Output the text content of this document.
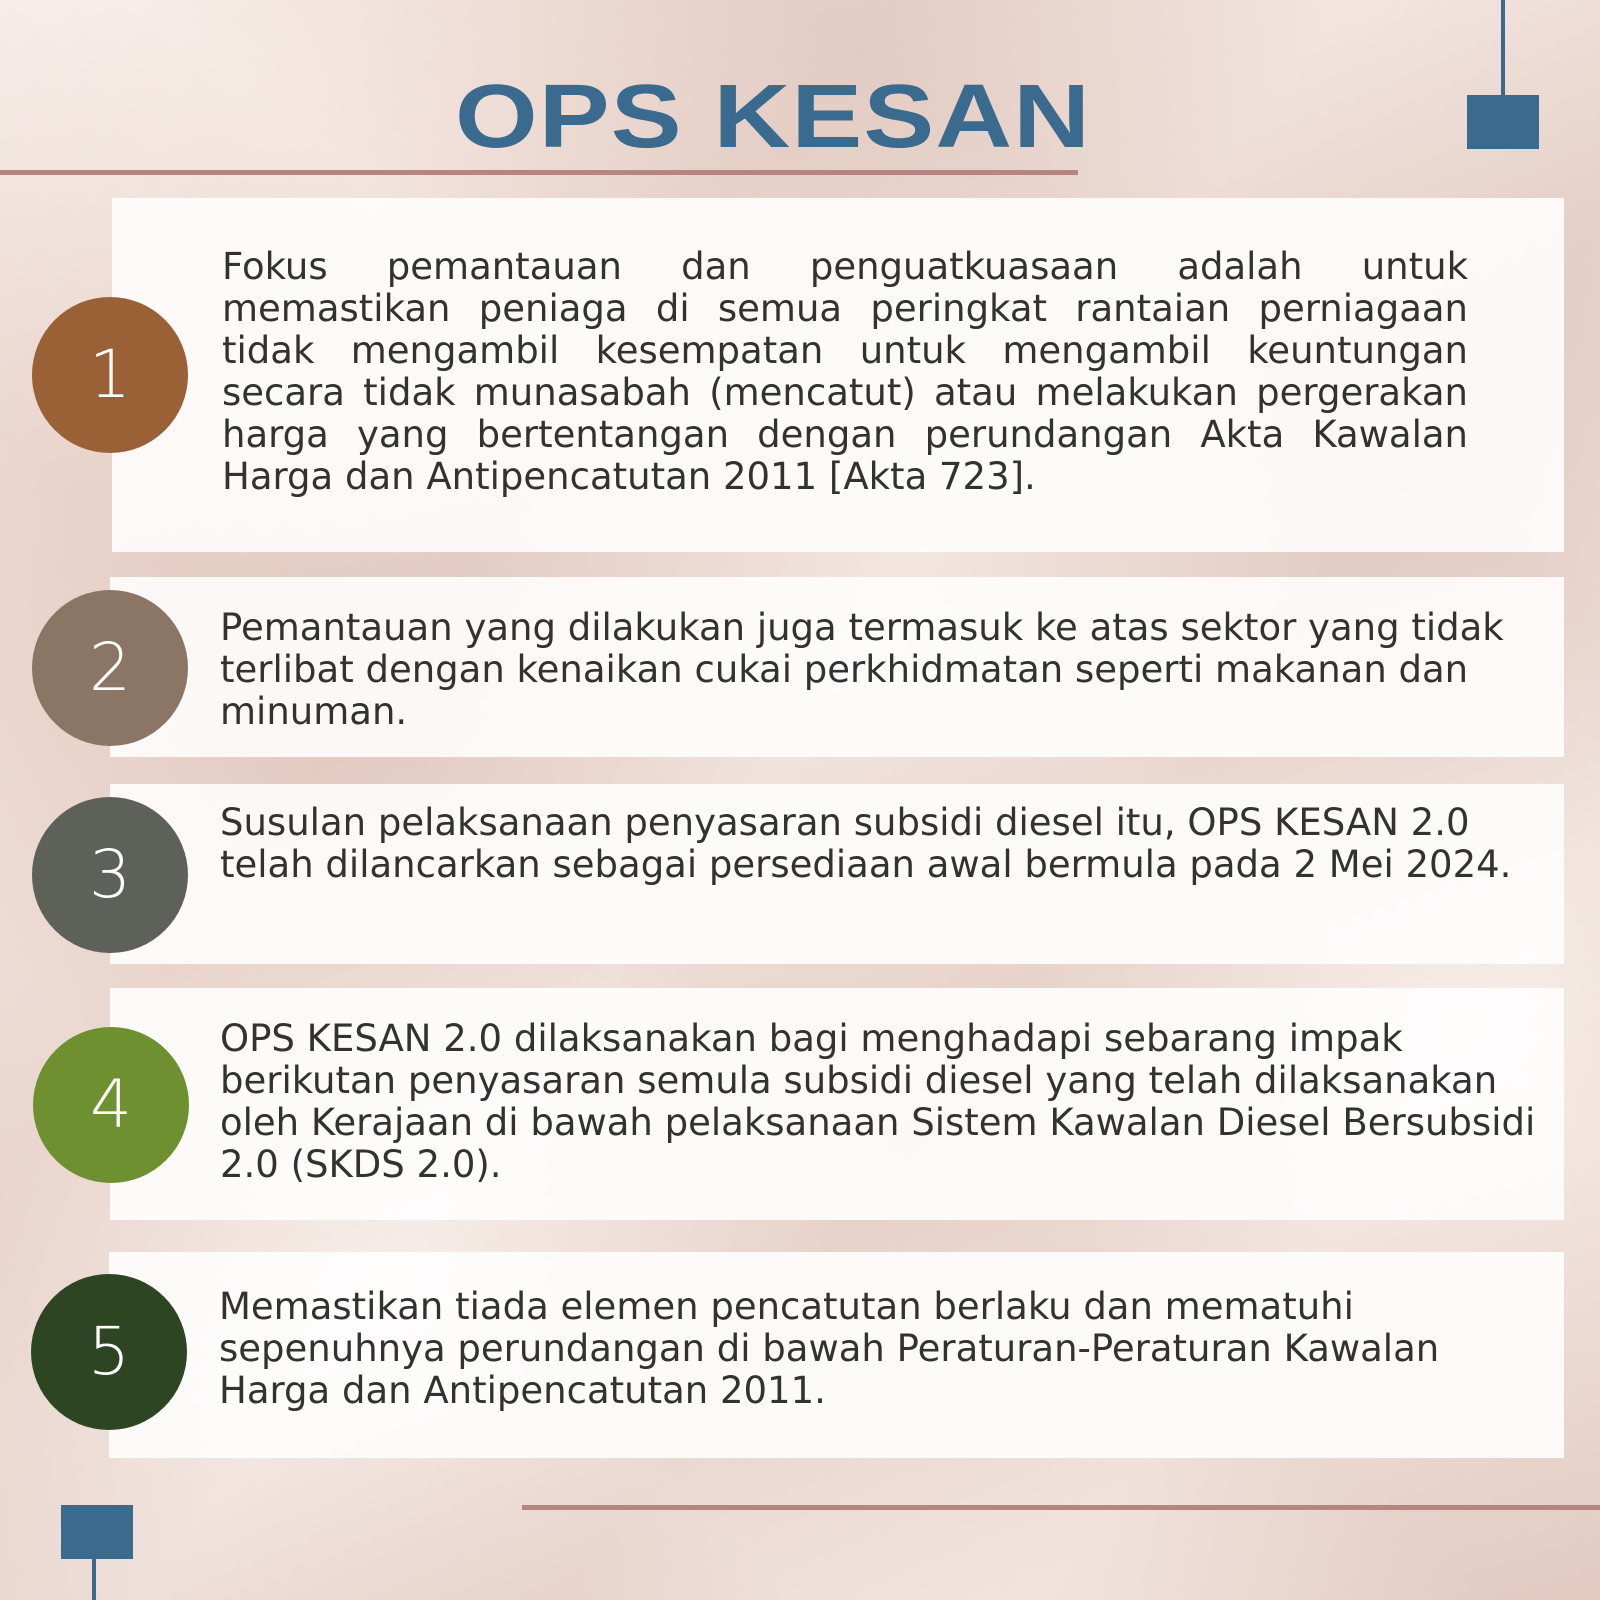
OPS KESAN

Fokus pemantauan dan penguatkuasaan adalah untuk memastikan peniaga di semua peringkat rantaian perniagaan tidak mengambil kesempatan untuk mengambil keuntungan secara tidak munasabah (mencatut) atau melakukan pergerakan harga yang bertentangan dengan perundangan Akta Kawalan Harga dan Antipencatutan 2011 [Akta 723].

Pemantauan yang dilakukan juga termasuk ke atas sektor yang tidak terlibat dengan kenaikan cukai perkhidmatan seperti makanan dan minuman.

Susulan pelaksanaan penyasaran subsidi diesel itu, OPS KESAN 2.0 telah dilancarkan sebagai persediaan awal bermula pada 2 Mei 2024.

OPS KESAN 2.0 dilaksanakan bagi menghadapi sebarang impak berikutan penyasaran semula subsidi diesel yang telah dilaksanakan oleh Kerajaan di bawah pelaksanaan Sistem Kawalan Diesel Bersubsidi 2.0 (SKDS 2.0).

Memastikan tiada elemen pencatutan berlaku dan mematuhi sepenuhnya perundangan di bawah Peraturan-Peraturan Kawalan Harga dan Antipencatutan 2011.

1
2
3
4
5
